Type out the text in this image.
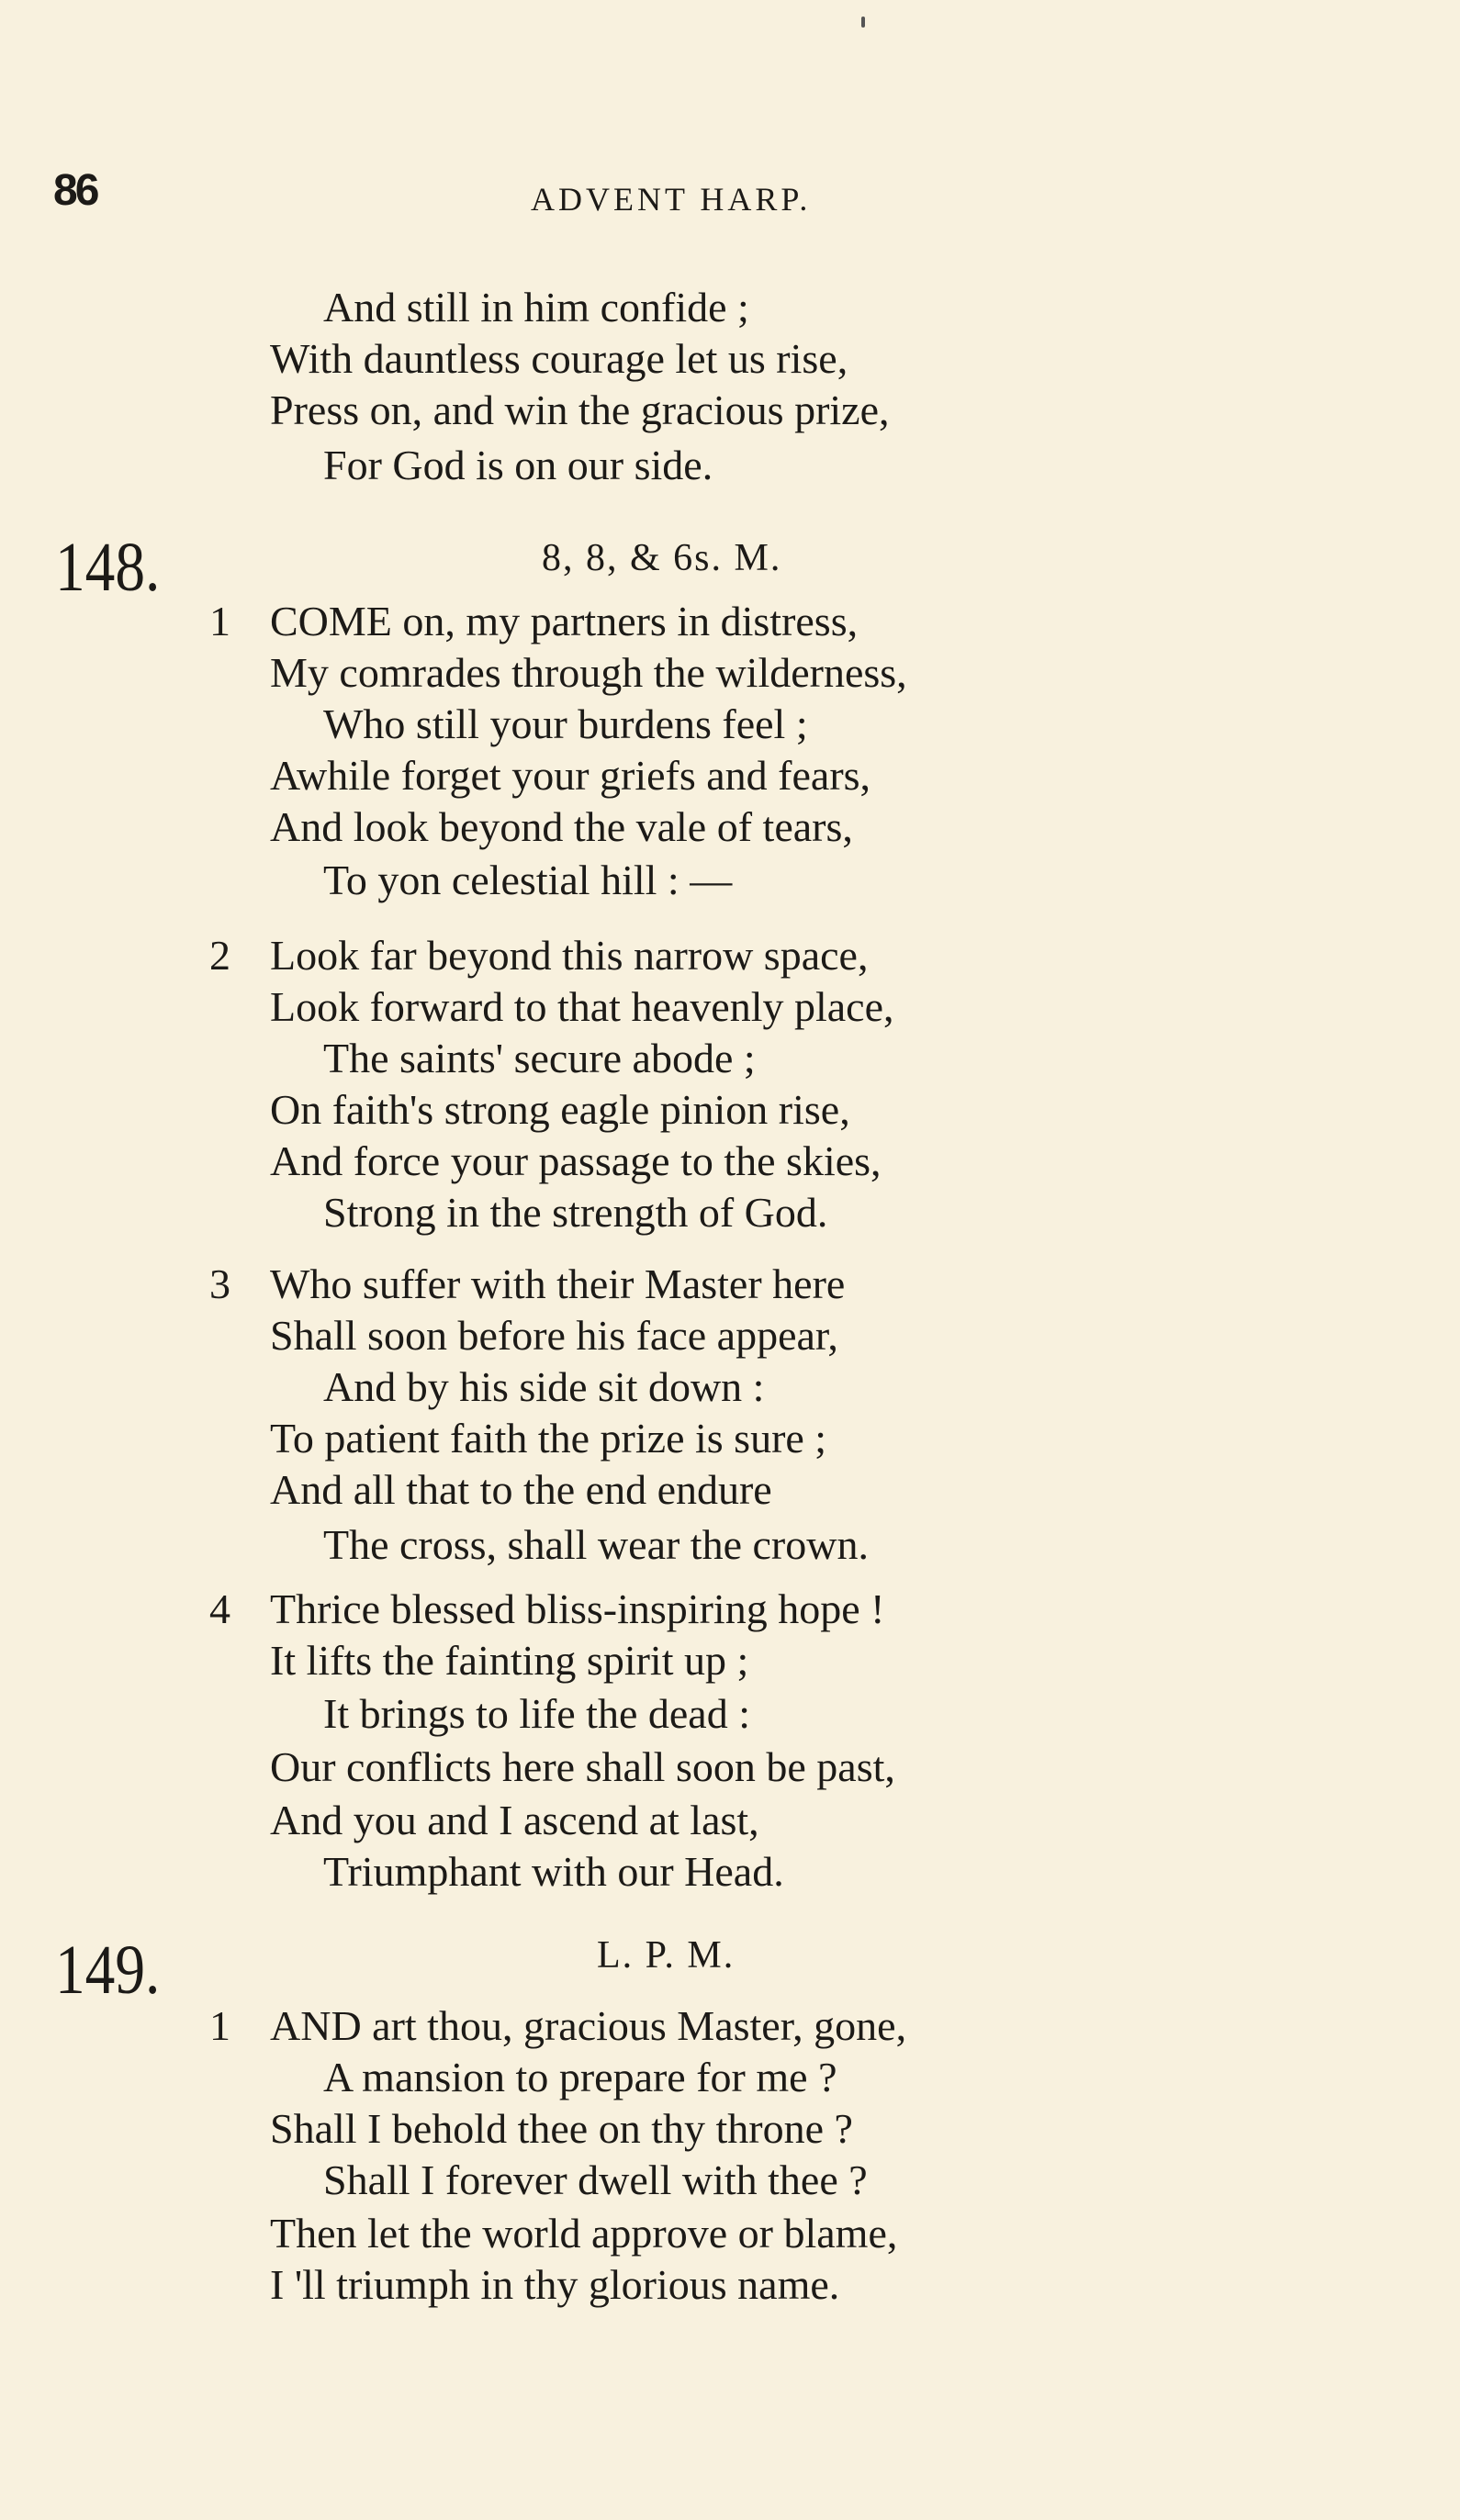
86	ADVENT HARP.
And still in him confide ;
With dauntless courage let us rise,
Press on, and win the gracious prize,
For God is on our side.
148.	8, 8, & 6s. M.
1 COME on, my partners in distress,
My comrades through the wilderness,
Who still your burdens feel ;
Awhile forget your griefs and fears,
And look beyond the vale of tears,
To yon celestial hill : —
2 Look far beyond this narrow space,
Look forward to that heavenly place,
The saints' secure abode ;
On faith's strong eagle pinion rise,
And force your passage to the skies,
Strong in the strength of God.
3 Who suffer with their Master here
Shall soon before his face appear,
And by his side sit down :
To patient faith the prize is sure ;
And all that to the end endure
The cross, shall wear the crown.
4 Thrice blessed bliss-inspiring hope !
It lifts the fainting spirit up ;
It brings to life the dead :
Our conflicts here shall soon be past,
And you and I ascend at last,
Triumphant with our Head.
149.	L. P. M.
1 AND art thou, gracious Master, gone,
A mansion to prepare for me ?
Shall I behold thee on thy throne ?
Shall I forever dwell with thee ?
Then let the world approve or blame,
I 'll triumph in thy glorious name.
